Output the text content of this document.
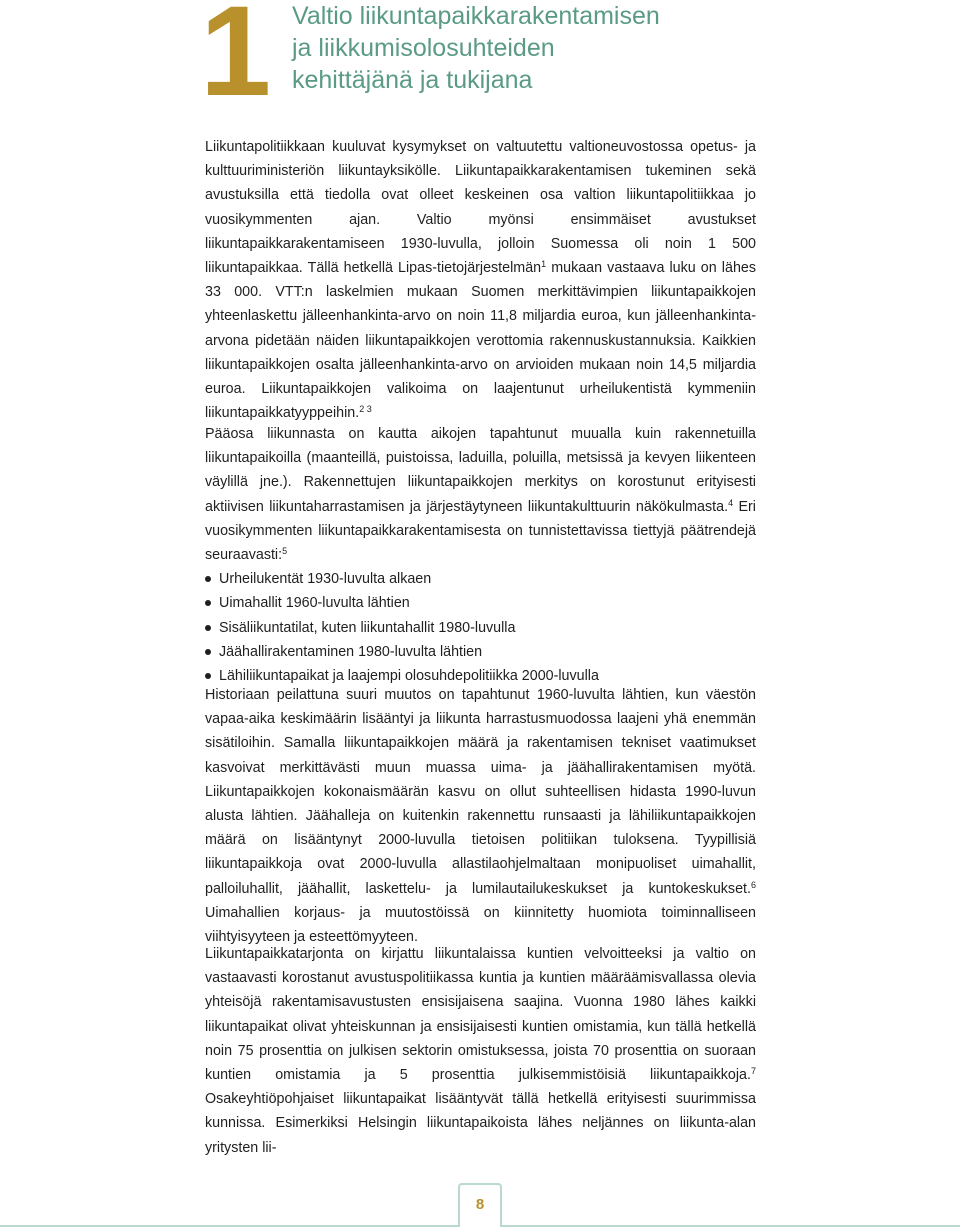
1 Valtio liikuntapaikkarakentamisen
ja liikkumisolosuhteiden
kehittäjänä ja tukijana
Liikuntapolitiikkaan kuuluvat kysymykset on valtuutettu valtioneuvostossa opetus- ja kulttuuriministeriön liikuntayksikölle. Liikuntapaikkarakentamisen tukeminen sekä avustuksilla että tiedolla ovat olleet keskeinen osa valtion liikuntapolitiikkaa jo vuosikymmenten ajan. Valtio myönsi ensimmäiset avustukset liikuntapaikkarakentamiseen 1930-luvulla, jolloin Suomessa oli noin 1 500 liikuntapaikkaa. Tällä hetkellä Lipas-tietojärjestelmän$^1$ mukaan vastaava luku on lähes 33 000. VTT:n laskelmien mukaan Suomen merkittävimpien liikuntapaikkojen yhteenlaskettu jälleenhankinta-arvo on noin 11,8 miljardia euroa, kun jälleenhankinta-arvona pidetään näiden liikuntapaikkojen verottomia rakennuskustannuksia. Kaikkien liikuntapaikkojen osalta jälleenhankinta-arvo on arvioiden mukaan noin 14,5 miljardia euroa. Liikuntapaikkojen valikoima on laajentunut urheilukentistä kymmeniin liikuntapaikkatyyppeihin.$^{2 3}$
Pääosa liikunnasta on kautta aikojen tapahtunut muualla kuin rakennetuilla liikuntapaikoilla (maanteillä, puistoissa, laduilla, poluilla, metsissä ja kevyen liikenteen väylillä jne.). Rakennettujen liikuntapaikkojen merkitys on korostunut erityisesti aktiivisen liikuntaharrastamisen ja järjestäytyneen liikuntakulttuurin näkökulmasta.$^4$ Eri vuosikymmenten liikuntapaikkarakentamisesta on tunnistettavissa tiettyjä päätrendejä seuraavasti:$^5$
Urheilukentät 1930-luvulta alkaen
Uimahallit 1960-luvulta lähtien
Sisäliikuntatilat, kuten liikuntahallit 1980-luvulla
Jäähallirakentaminen 1980-luvulta lähtien
Lähiliikuntapaikat ja laajempi olosuhdepolitiikka 2000-luvulla
Historiaan peilattuna suuri muutos on tapahtunut 1960-luvulta lähtien, kun väestön vapaa-aika keskimäärin lisääntyi ja liikunta harrastusmuodossa laajeni yhä enemmän sisätiloihin. Samalla liikuntapaikkojen määrä ja rakentamisen tekniset vaatimukset kasvoivat merkittävästi muun muassa uima- ja jäähallirakentamisen myötä. Liikuntapaikkojen kokonaismäärän kasvu on ollut suhteellisen hidasta 1990-luvun alusta lähtien. Jäähalleja on kuitenkin rakennettu runsaasti ja lähiliikuntapaikkojen määrä on lisääntynyt 2000-luvulla tietoisen politiikan tuloksena. Tyypillisiä liikuntapaikkoja ovat 2000-luvulla allastilaohjelmaltaan monipuoliset uimahallit, palloiluhallit, jäähallit, laskettelu- ja lumilautailukeskukset ja kuntokeskukset.$^6$ Uimahallien korjaus- ja muutostöissä on kiinnitetty huomiota toiminnalliseen viihtyisyyteen ja esteettömyyteen.
Liikuntapaikkatarjonta on kirjattu liikuntalaissa kuntien velvoitteeksi ja valtio on vastaavasti korostanut avustuspolitiikassa kuntia ja kuntien määräämisvallassa olevia yhteisöjä rakentamisavustusten ensisijaisena saajina. Vuonna 1980 lähes kaikki liikuntapaikat olivat yhteiskunnan ja ensisijaisesti kuntien omistamia, kun tällä hetkellä noin 75 prosenttia on julkisen sektorin omistuksessa, joista 70 prosenttia on suoraan kuntien omistamia ja 5 prosenttia julkisemmistöisiä liikuntapaikkoja.$^7$ Osakeyhtiöpohjaiset liikuntapaikat lisääntyvät tällä hetkellä erityisesti suurimmissa kunnissa. Esimerkiksi Helsingin liikuntapaikoista lähes neljännes on liikunta-alan yritysten lii-
8
